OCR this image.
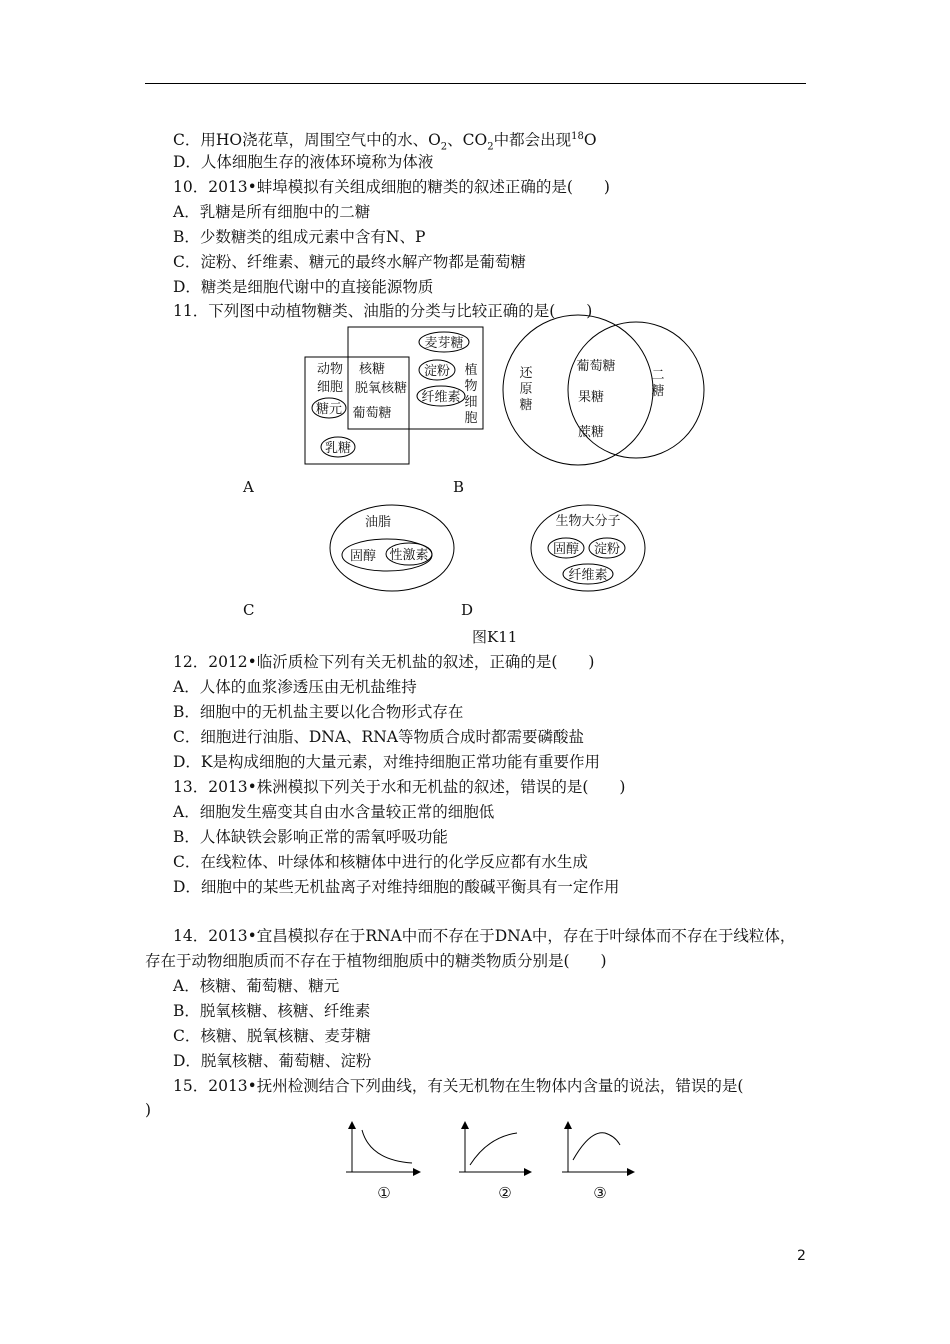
C．用HO浇花草，周围空气中的水、$O_2$、$CO_2$中都会出现$^{18}$O
D．人体细胞生存的液体环境称为体液
10．2013•蚌埠模拟有关组成细胞的糖类的叙述正确的是(　　)
A．乳糖是所有细胞中的二糖
B．少数糖类的组成元素中含有N、P
C．淀粉、纤维素、糖元的最终水解产物都是葡萄糖
D．糖类是细胞代谢中的直接能源物质
11．下列图中动植物糖类、油脂的分类与比较正确的是(　　)
动物
细胞
核糖
脱氧核糖
葡萄糖
植
物
细
胞
糖元
乳糖
麦芽糖
淀粉
纤维素
还
原
糖
二
糖
葡萄糖
果糖
蔗糖
油脂
固醇 性激素
生物大分子
固醇 淀粉
纤维素
A	B
C	D
图K11
12．2012•临沂质检下列有关无机盐的叙述，正确的是(　　)
A．人体的血浆渗透压由无机盐维持
B．细胞中的无机盐主要以化合物形式存在
C．细胞进行油脂、DNA、RNA等物质合成时都需要磷酸盐
D．K是构成细胞的大量元素，对维持细胞正常功能有重要作用
13．2013•株洲模拟下列关于水和无机盐的叙述，错误的是(　　)
A．细胞发生癌变其自由水含量较正常的细胞低
B．人体缺铁会影响正常的需氧呼吸功能
C．在线粒体、叶绿体和核糖体中进行的化学反应都有水生成
D．细胞中的某些无机盐离子对维持细胞的酸碱平衡具有一定作用
14．2013•宜昌模拟存在于RNA中而不存在于DNA中，存在于叶绿体而不存在于线粒体，
存在于动物细胞质而不存在于植物细胞质中的糖类物质分别是(　　)
A．核糖、葡萄糖、糖元
B．脱氧核糖、核糖、纤维素
C．核糖、脱氧核糖、麦芽糖
D．脱氧核糖、葡萄糖、淀粉
15．2013•抚州检测结合下列曲线，有关无机物在生物体内含量的说法，错误的是(
)
①	②	③
2
